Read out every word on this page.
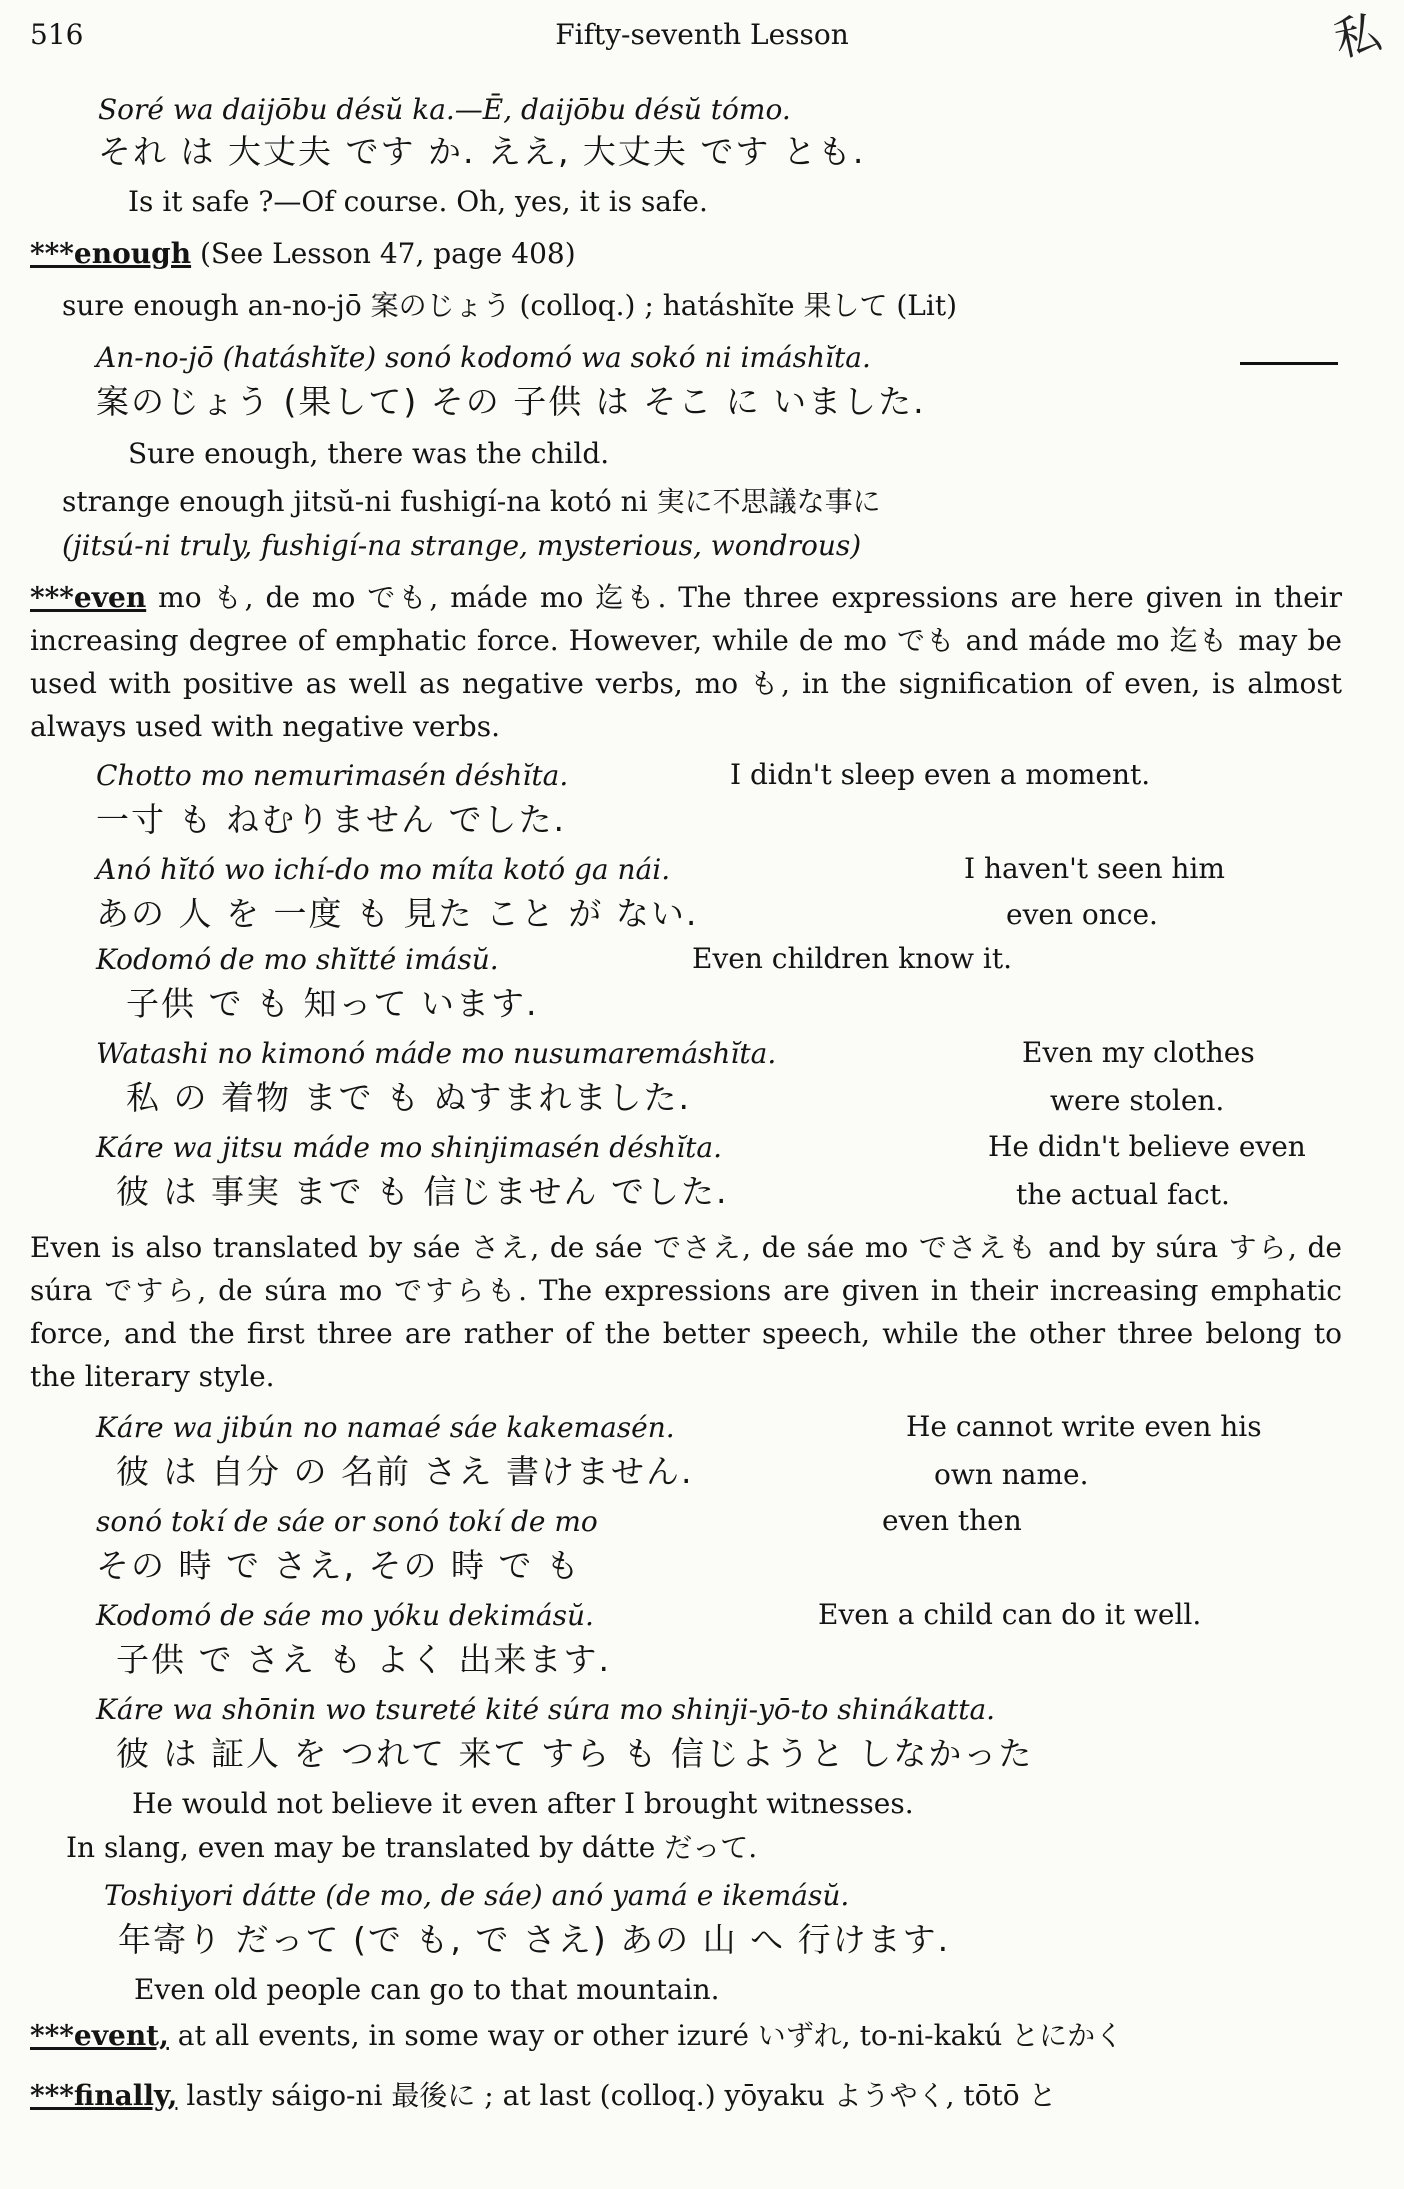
516	Fifty-seventh Lesson	私
Soré wa daijōbu désŭ ka.—Ē, daijōbu désŭ tómo.
それ は 大丈夫 です か. ええ, 大丈夫 です とも.
Is it safe ?—Of course. Oh, yes, it is safe.
***enough (See Lesson 47, page 408)
sure enough an-no-jō 案のじょう (colloq.) ; hatáshĭte 果して (Lit)
An-no-jō (hatáshĭte) sonó kodomó wa sokó ni imáshĭta.
案のじょう (果して) その 子供 は そこ に いました.
Sure enough, there was the child.
strange enough jitsŭ-ni fushigí-na kotó ni 実に不思議な事に
(jitsú-ni truly, fushigí-na strange, mysterious, wondrous)
***even mo も, de mo でも, máde mo 迄も. The three expressions are here given in their increasing degree of emphatic force. However, while de mo でも and máde mo 迄も may be used with positive as well as negative verbs, mo も, in the signification of even, is almost always used with negative verbs.
Chotto mo nemurimasén déshĭta.
一寸 も ねむりません でした.
I didn't sleep even a moment.
Anó hĭtó wo ichí-do mo míta kotó ga nái.
あの 人 を 一度 も 見た こと が ない.
I haven't seen him
even once.
Kodomó de mo shĭtté imásŭ.
子供 で も 知って います.
Even children know it.
Watashi no kimonó máde mo nusumaremáshĭta.
私 の 着物 まで も ぬすまれました.
Even my clothes
were stolen.
Káre wa jitsu máde mo shinjimasén déshĭta.
彼 は 事実 まで も 信じません でした.
He didn't believe even
the actual fact.
Even is also translated by sáe さえ, de sáe でさえ, de sáe mo でさえも and by súra すら, de súra ですら, de súra mo ですらも. The expressions are given in their increasing emphatic force, and the first three are rather of the better speech, while the other three belong to the literary style.
Káre wa jibún no namaé sáe kakemasén.
彼 は 自分 の 名前 さえ 書けません.
He cannot write even his
own name.
sonó tokí de sáe or sonó tokí de mo
その 時 で さえ, その 時 で も
even then
Kodomó de sáe mo yóku dekimásŭ.
子供 で さえ も よく 出来ます.
Even a child can do it well.
Káre wa shōnin wo tsureté kité súra mo shinji-yō-to shinákatta.
彼 は 証人 を つれて 来て すら も 信じようと しなかった
He would not believe it even after I brought witnesses.
In slang, even may be translated by dátte だって.
Toshiyori dátte (de mo, de sáe) anó yamá e ikemásŭ.
年寄り だって (で も, で さえ) あの 山 へ 行けます.
Even old people can go to that mountain.
***event, at all events, in some way or other izuré いずれ, to-ni-kakú とにかく
***finally, lastly sáigo-ni 最後に ; at last (colloq.) yōyaku ようやく, tōtō と
